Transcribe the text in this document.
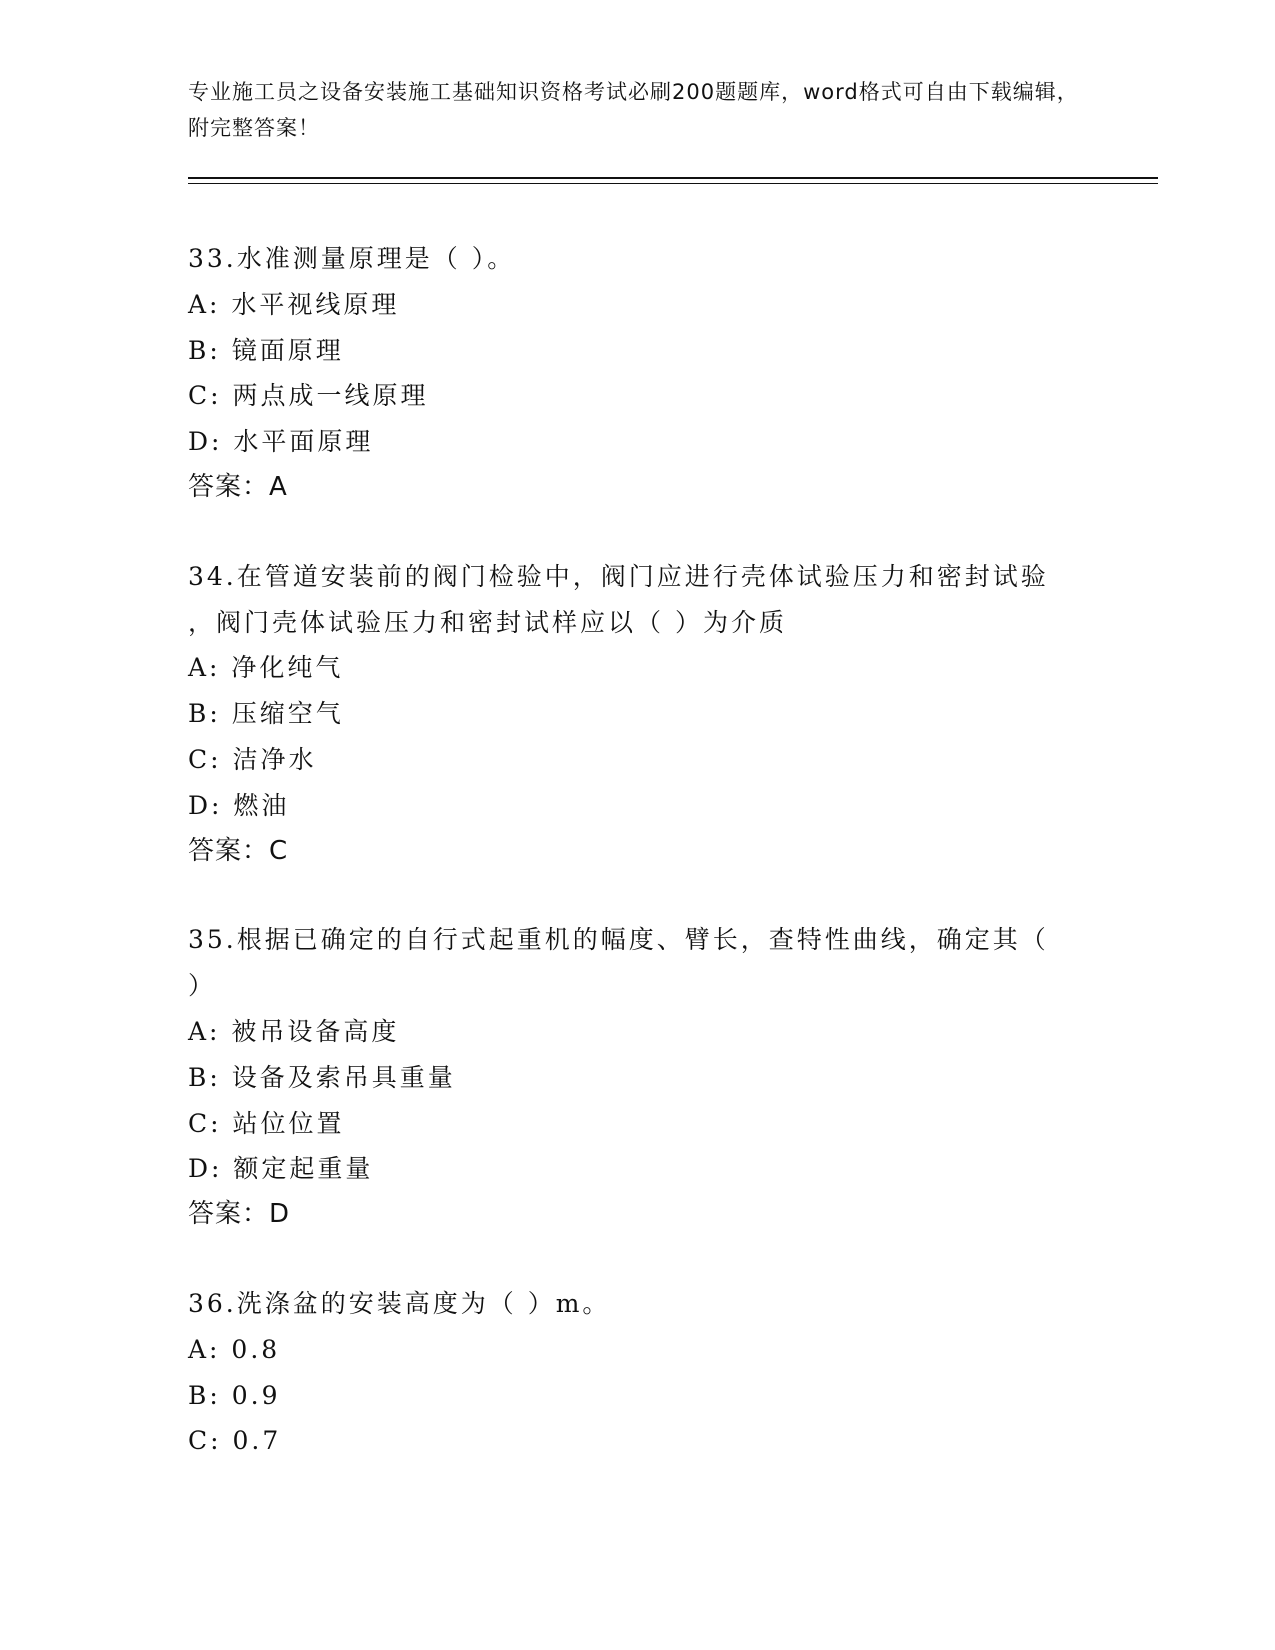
专业施工员之设备安装施工基础知识资格考试必刷200题题库，word格式可自由下载编辑，附完整答案！

33.水准测量原理是（ ）。

A: 水平视线原理

B: 镜面原理

C: 两点成一线原理

D: 水平面原理

答案：A

34.在管道安装前的阀门检验中，阀门应进行壳体试验压力和密封试验

，阀门壳体试验压力和密封试样应以（ ）为介质

A: 净化纯气

B: 压缩空气

C: 洁净水

D: 燃油

答案：C

35.根据已确定的自行式起重机的幅度、臂长，查特性曲线，确定其（

）

A: 被吊设备高度

B: 设备及索吊具重量

C: 站位位置

D: 额定起重量

答案：D

36.洗涤盆的安装高度为（ ）m。

A: 0.8

B: 0.9

C: 0.7
